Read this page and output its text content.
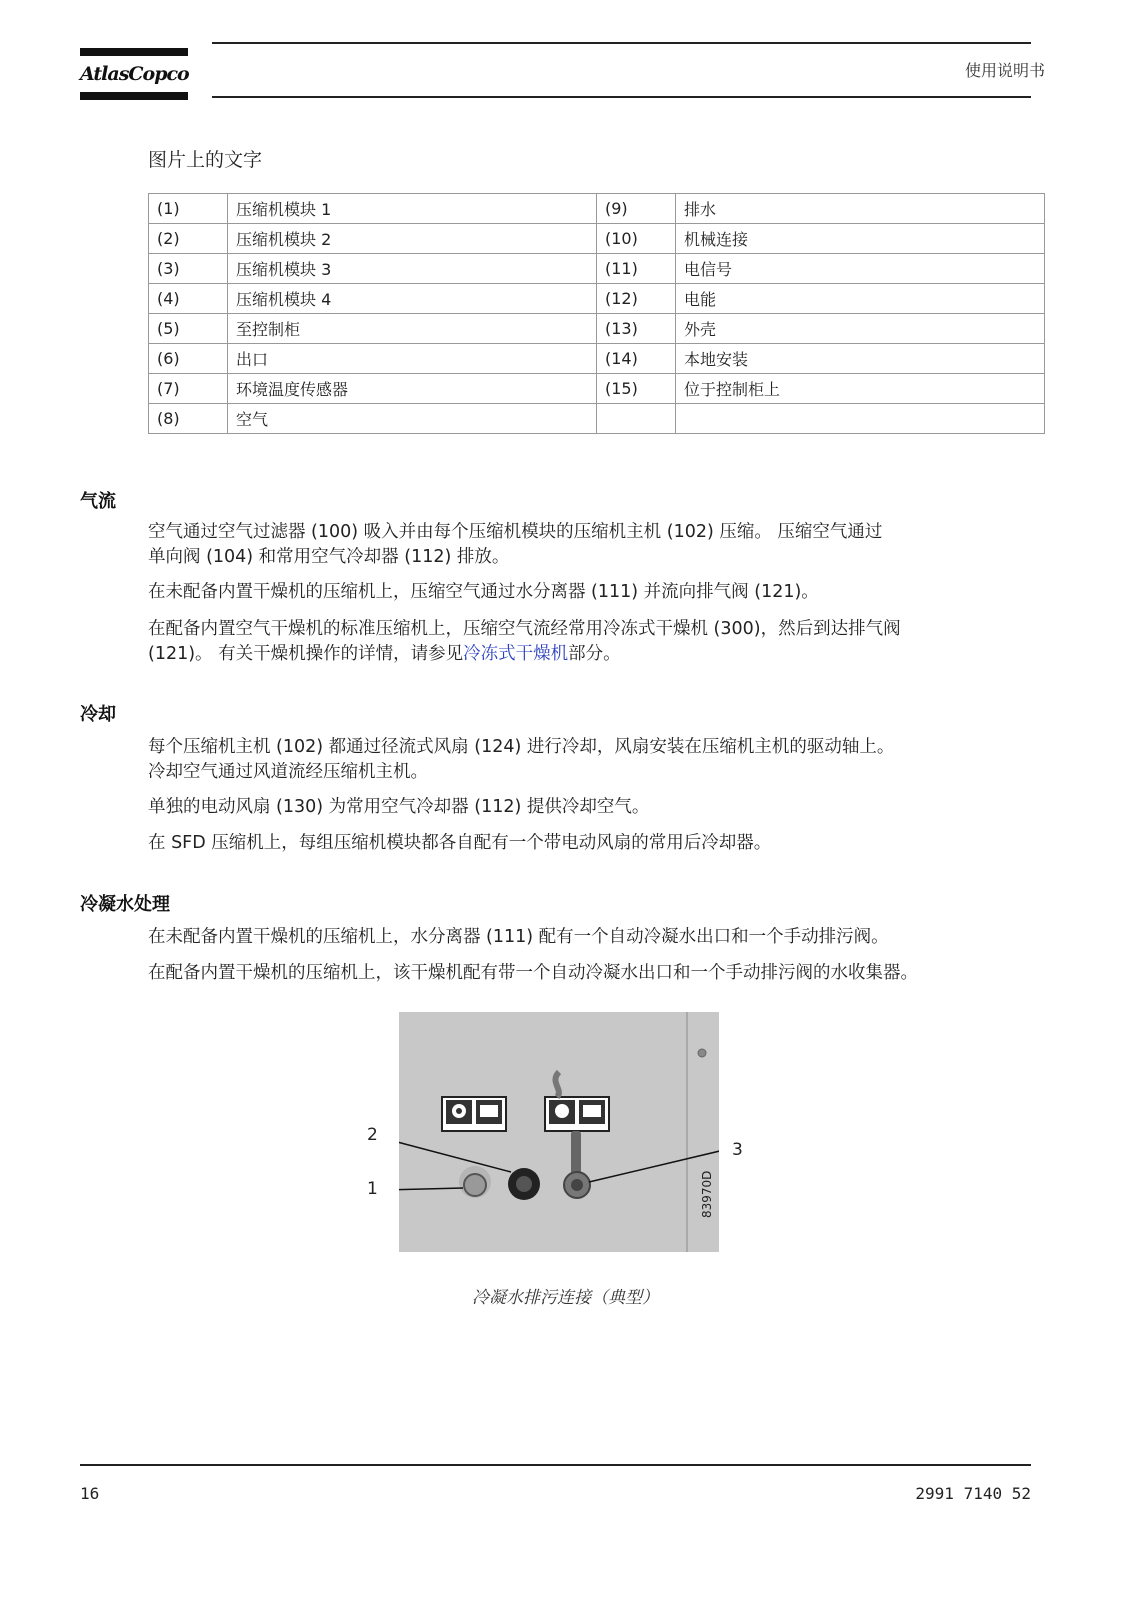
AtlasCopco	使用说明书
图片上的文字
(1)	压缩机模块 1	(9)	排水
(2)	压缩机模块 2	(10)	机械连接
(3)	压缩机模块 3	(11)	电信号
(4)	压缩机模块 4	(12)	电能
(5)	至控制柜	(13)	外壳
(6)	出口	(14)	本地安装
(7)	环境温度传感器	(15)	位于控制柜上
(8)	空气		
气流
空气通过空气过滤器 (100) 吸入并由每个压缩机模块的压缩机主机 (102) 压缩。 压缩空气通过
单向阀 (104) 和常用空气冷却器 (112) 排放。
在未配备内置干燥机的压缩机上，压缩空气通过水分离器 (111) 并流向排气阀 (121)。
在配备内置空气干燥机的标准压缩机上，压缩空气流经常用冷冻式干燥机 (300)，然后到达排气阀
(121)。 有关干燥机操作的详情，请参见冷冻式干燥机部分。
冷却
每个压缩机主机 (102) 都通过径流式风扇 (124) 进行冷却，风扇安装在压缩机主机的驱动轴上。
冷却空气通过风道流经压缩机主机。
单独的电动风扇 (130) 为常用空气冷却器 (112) 提供冷却空气。
在 SFD 压缩机上，每组压缩机模块都各自配有一个带电动风扇的常用后冷却器。
冷凝水处理
在未配备内置干燥机的压缩机上，水分离器 (111) 配有一个自动冷凝水出口和一个手动排污阀。
在配备内置干燥机的压缩机上，该干燥机配有带一个自动冷凝水出口和一个手动排污阀的水收集器。
2
1
3
83970D
冷凝水排污连接（典型）
16	2991 7140 52
